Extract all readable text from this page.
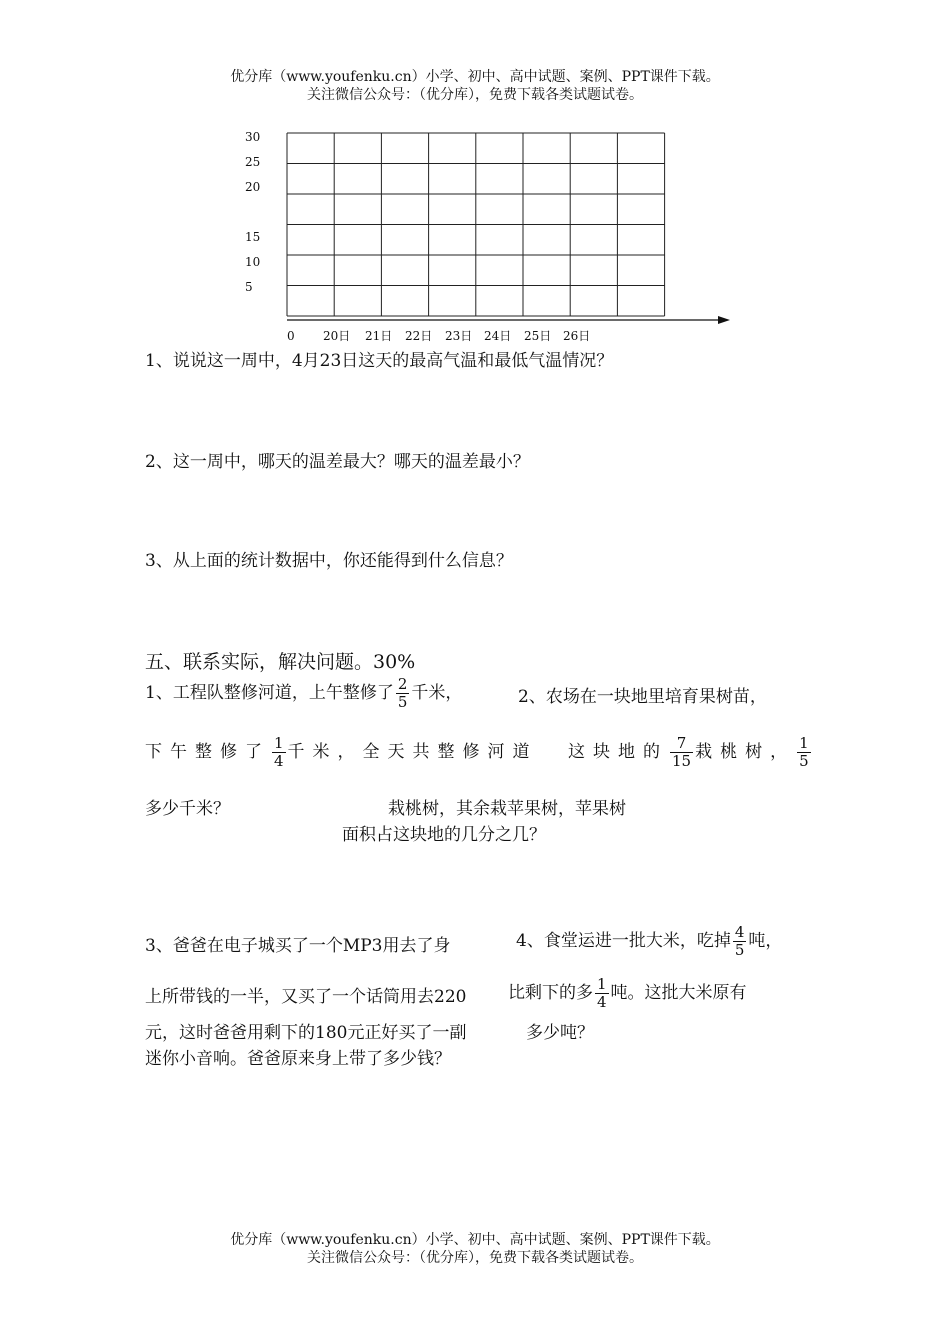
优分库（www.youfenku.cn）小学、初中、高中试题、案例、PPT课件下载。
关注微信公众号：（优分库），免费下载各类试题试卷。
30
25
20
15
10
5
0 20日 21日 22日 23日 24日 25日 26日
1、说说这一周中，4月23日这天的最高气温和最低气温情况？
2、这一周中，哪天的温差最大？哪天的温差最小？
3、从上面的统计数据中，你还能得到什么信息？
五、联系实际，解决问题。30%
1、工程队整修河道，上午整修了 $\frac{2}{5}$ 千米，	2、农场在一块地里培育果树苗，
下午整修了 $\frac{1}{4}$ 千米，全天共整修河道 这块地的 $\frac{7}{15}$ 栽桃树， $\frac{1}{5}$
多少千米？	栽桃树，其余栽苹果树，苹果树
面积占这块地的几分之几？
3、爸爸在电子城买了一个MP3用去了身
上所带钱的一半，又买了一个话筒用去220
元，这时爸爸用剩下的180元正好买了一副
迷你小音响。爸爸原来身上带了多少钱？
4、食堂运进一批大米，吃掉 $\frac{4}{5}$ 吨，
比剩下的多 $\frac{1}{4}$ 吨。这批大米原有
多少吨？
优分库（www.youfenku.cn）小学、初中、高中试题、案例、PPT课件下载。
关注微信公众号：（优分库），免费下载各类试题试卷。
